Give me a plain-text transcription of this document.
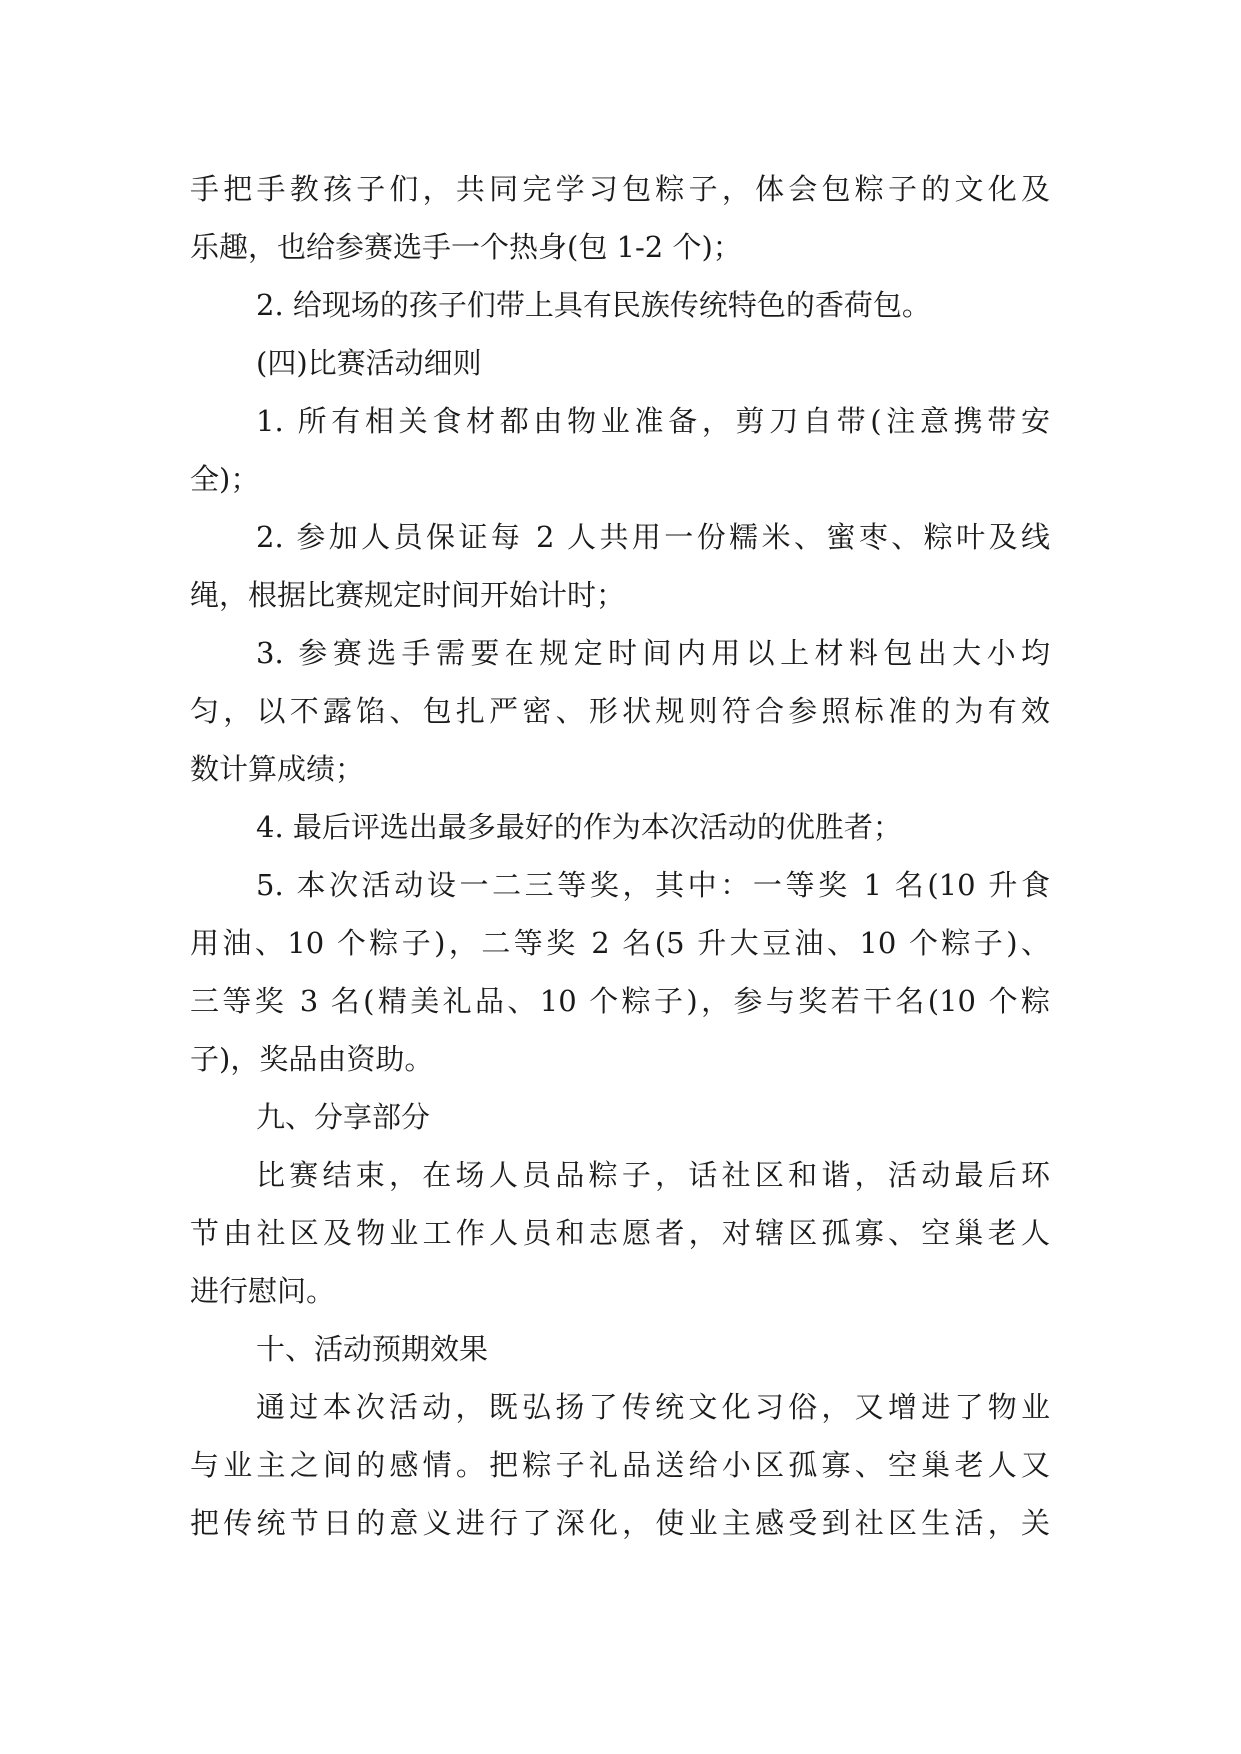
手把手教孩子们，共同完学习包粽子，体会包粽子的文化及
乐趣，也给参赛选手一个热身(包 1-2 个)；
2. 给现场的孩子们带上具有民族传统特色的香荷包。
(四)比赛活动细则
1. 所有相关食材都由物业准备，剪刀自带(注意携带安
全)；
2. 参加人员保证每 2 人共用一份糯米、蜜枣、粽叶及线
绳，根据比赛规定时间开始计时；
3. 参赛选手需要在规定时间内用以上材料包出大小均
匀，以不露馅、包扎严密、形状规则符合参照标准的为有效
数计算成绩；
4. 最后评选出最多最好的作为本次活动的优胜者；
5. 本次活动设一二三等奖，其中：一等奖 1 名(10 升食
用油、10 个粽子)，二等奖 2 名(5 升大豆油、10 个粽子)、
三等奖 3 名(精美礼品、10 个粽子)，参与奖若干名(10 个粽
子)，奖品由资助。
九、分享部分
比赛结束，在场人员品粽子，话社区和谐，活动最后环
节由社区及物业工作人员和志愿者，对辖区孤寡、空巢老人
进行慰问。
十、活动预期效果
通过本次活动，既弘扬了传统文化习俗，又增进了物业
与业主之间的感情。把粽子礼品送给小区孤寡、空巢老人又
把传统节日的意义进行了深化，使业主感受到社区生活，关
